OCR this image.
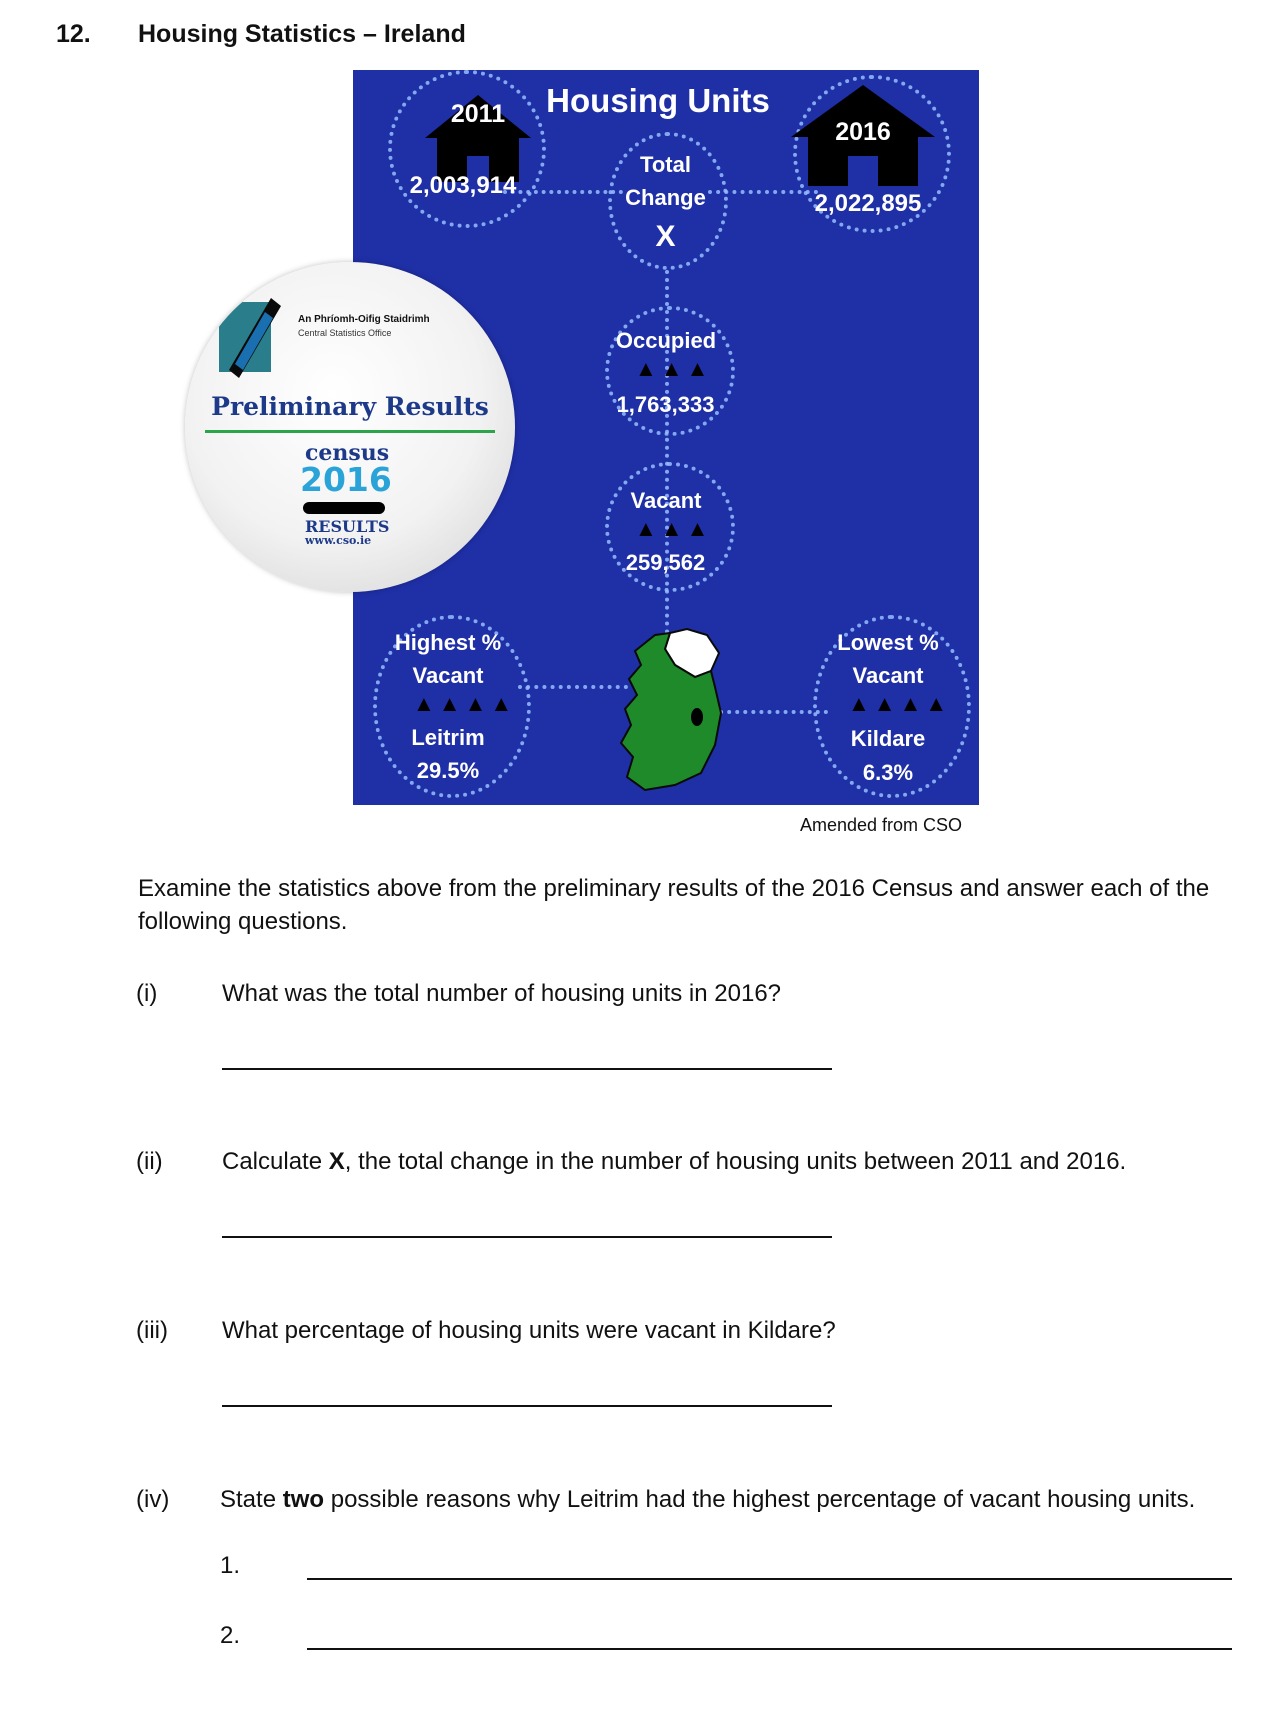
12. Housing Statistics – Ireland
2011
2,003,914
Housing Units
Total
Change
X
2016
2,022,895
Occupied
▲ ▲ ▲
1,763,333
Vacant
▲ ▲ ▲
259,562
Highest %
Vacant
▲ ▲ ▲ ▲
Leitrim
29.5%
Lowest %
Vacant
▲ ▲ ▲ ▲
Kildare
6.3%
An Phríomh-Oifig Staidrimh
Central Statistics Office
Preliminary Results
census
2016
RESULTS
www.cso.ie
Amended from CSO
Examine the statistics above from the preliminary results of the 2016 Census and answer each of the following questions.
(i)	What was the total number of housing units in 2016?
(ii) Calculate X, the total change in the number of housing units between 2011 and 2016.
(iii) What percentage of housing units were vacant in Kildare?
(iv) State two possible reasons why Leitrim had the highest percentage of vacant housing units.
1.
2.
